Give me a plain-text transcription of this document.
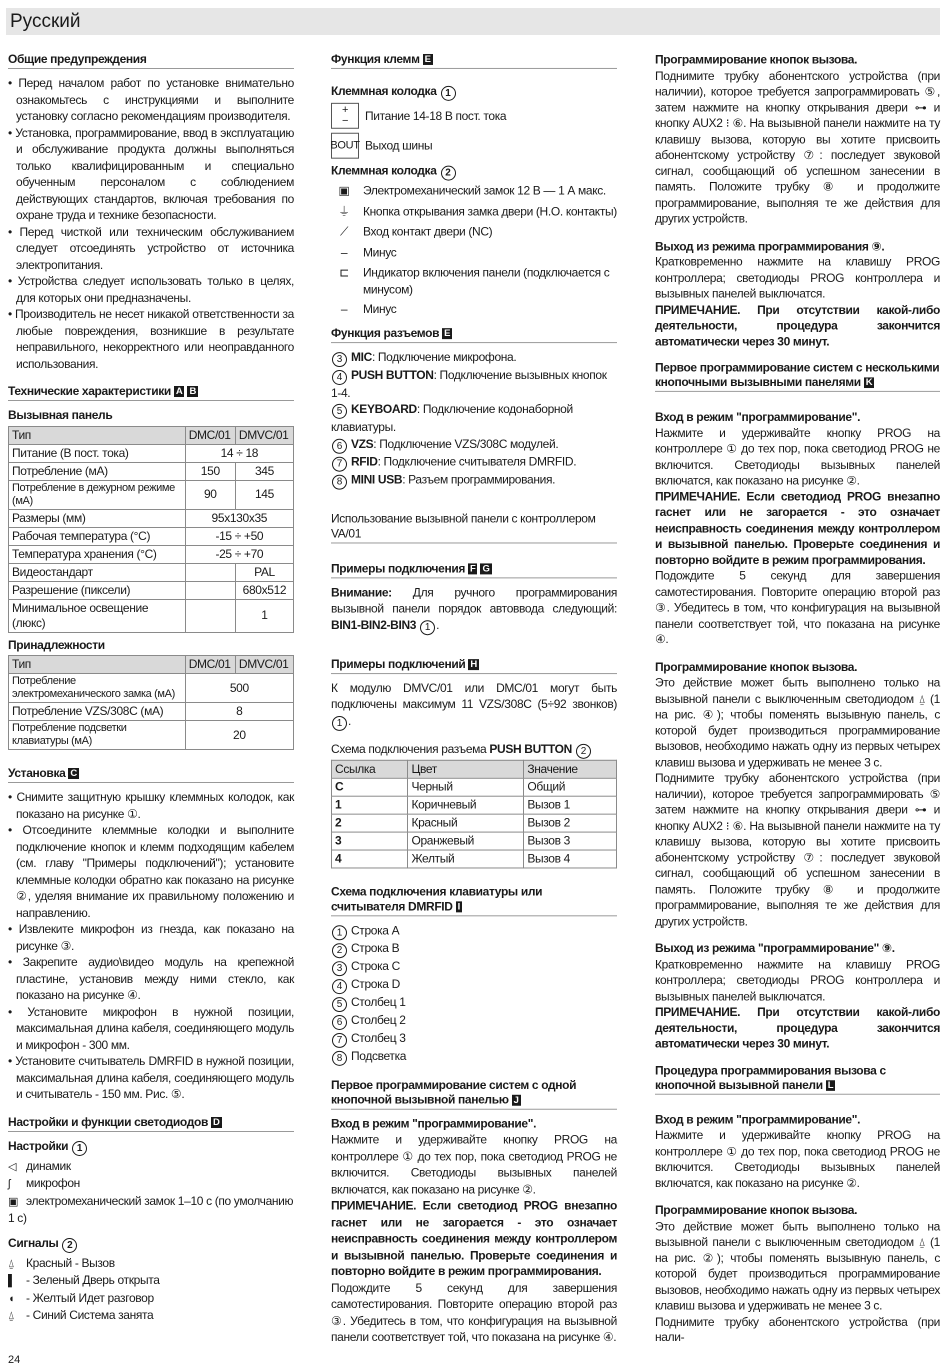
Русский
Общие предупреждения
• Перед началом работ по установке внимательно ознакомьтесь с инструкциями и выполните установку согласно рекомендациям производителя.
• Установка, программирование, ввод в эксплуатацию и обслуживание продукта должны выполняться только квалифицированным и специально обученным персоналом с соблюдением действующих стандартов, включая требования по охране труда и технике безопасности.
• Перед чисткой или техническим обслуживанием следует отсоединять устройство от источника электропитания.
• Устройства следует использовать только в целях, для которых они предназначены.
• Производитель не несет никакой ответственности за любые повреждения, возникшие в результате неправильного, некорректного или неоправданного использования.
Технические характеристики A B
Вызывная панель
Тип	DMC/01	DMVC/01
Питание (В пост. тока)	14 ÷ 18	
Потребление (мА)	150	345
Потребление в дежурном режиме (мА)	90	145
Размеры (мм)	95x130x35	
Рабочая температура (°C)	-15 ÷ +50	
Температура хранения (°C)	-25 ÷ +70	
Видеостандарт		PAL
Разрешение (пиксели)		680x512
Минимальное освещение (люкс)		1
Принадлежности
Тип	DMC/01	DMVC/01
Потребление электромеханического замка (мА)	500	
Потребление VZS/308C (мА)	8	
Потребление подсветки клавиатуры (мА)	20	
Установка C
• Снимите защитную крышку клеммных колодок, как показано на рисунке ①.
• Отсоедините клеммные колодки и выполните подключение кнопок и клемм подходящим кабелем (см. главу "Примеры подключений"); установите клеммные колодки обратно как показано на рисунке ②, уделяя внимание их правильному положению и направлению.
• Извлеките микрофон из гнезда, как показано на рисунке ③.
• Закрепите аудио\видео модуль на крепежной пластине, установив между ними стекло, как показано на рисунке ④.
• Установите микрофон в нужной позиции, максимальная длина кабеля, соединяющего модуль и микрофон - 300 мм.
• Установите считыватель DMRFID в нужной позиции, максимальная длина кабеля, соединяющего модуль и считыватель - 150 мм. Рис. ⑤.
Настройки и функции светодиодов D
Настройки 1
◁ динамик
ʃ микрофон
▣ электромеханический замок 1–10 с (по умолчанию 1 с)
Сигналы 2
⍙ Красный - Вызов
▌ - Зеленый Дверь открыта
◖ - Желтый Идет разговор
⍙ - Синий Система занята
Функция клемм E
Клеммная колодка 1
+
− Питание 14-18 В пост. тока
BOUT Выход шины
Клеммная колодка 2
▣	Электромеханический замок 12 В — 1 А макс.
⏚	Кнопка открывания замка двери (Н.О. контакты)
⟋	Вход контакт двери (NC)
–	Минус
⊏	Индикатор включения панели (подключается с минусом)
–	Минус
Функция разъемов E
3 MIC: Подключение микрофона.
4 PUSH BUTTON: Подключение вызывных кнопок 1-4.
5 KEYBOARD: Подключение кодонаборной клавиатуры.
6 VZS: Подключение VZS/308C модулей.
7 RFID: Подключение считывателя DMRFID.
8 MINI USB: Разъем программирования.
Использование вызывной панели с контроллером VA/01
Примеры подключения F G

Внимание: Для ручного программирования вызывной панели порядок автоввода следующий: BIN1-BIN2-BIN3 1 .

Примеры подключений H

К модулю DMVC/01 или DMC/01 могут быть подключены максимум 11 VZS/308C (5÷92 звонков) 1 .

Схема подключения разъема PUSH BUTTON 2
Ссылка	Цвет	Значение
C	Черный	Общий
1	Коричневый	Вызов 1
2	Красный	Вызов 2
3	Оранжевый	Вызов 3
4	Желтый	Вызов 4
Схема подключения клавиатуры или считывателя DMRFID I
1 Строка A
2 Строка B
3 Строка C
4 Строка D
5 Столбец 1
6 Столбец 2
7 Столбец 3
8 Подсветка
Первое программирование систем с одной кнопочной вызывной панелью J
Вход в режим "программирование".

Нажмите и удерживайте кнопку PROG на контроллере ① до тех пор, пока светодиод PROG не включится. Светодиоды вызывных панелей включатся, как показано на рисунке ②.

ПРИМЕЧАНИЕ. Если светодиод PROG внезапно гаснет или не загорается - это означает неисправность соединения между контроллером и вызывной панелью. Проверьте соединения и повторно войдите в режим программирования.

Подождите 5 секунд для завершения самотестирования. Повторите операцию второй раз ③. Убедитесь в том, что конфигурация на вызывной панели соответствует той, что показана на рисунке ④.

Программирование кнопок вызова.

Поднимите трубку абонентского устройства (при наличии), которое требуется запрограммировать ⑤, затем нажмите на кнопку открывания двери ⊶ и кнопку AUX2 ⁝ ⑥. На вызывной панели нажмите на ту клавишу вызова, которую вы хотите присвоить абонентскому устройству ⑦: последует звуковой сигнал, сообщающий об успешном занесении в память. Положите трубку ⑧ и продолжите программирование, выполняя те же действия для других устройств.

Выход из режима программирования ⑨.

Кратковременно нажмите на клавишу PROG контроллера; светодиоды PROG контроллера и вызывных панелей выключатся.

ПРИМЕЧАНИЕ. При отсутствии какой-либо деятельности, процедура закончится автоматически через 30 минут.

Первое программирование систем с несколькими кнопочными вызывными панелями K
Вход в режим "программирование".

Нажмите и удерживайте кнопку PROG на контроллере ① до тех пор, пока светодиод PROG не включится. Светодиоды вызывных панелей включатся, как показано на рисунке ②.

ПРИМЕЧАНИЕ. Если светодиод PROG внезапно гаснет или не загорается - это означает неисправность соединения между контроллером и вызывной панелью. Проверьте соединения и повторно войдите в режим программирования.

Подождите 5 секунд для завершения самотестирования. Повторите операцию второй раз ③. Убедитесь в том, что конфигурация на вызывной панели соответствует той, что показана на рисунке ④.

Программирование кнопок вызова.

Это действие может быть выполнено только на вызывной панели с выключенным светодиодом ⍙ (1 на рис. ④); чтобы поменять вызывную панель, с которой будет производиться программирование вызовов, необходимо нажать одну из первых четырех клавиш вызова и удерживать не менее 3 с.

Поднимите трубку абонентского устройства (при наличии), которое требуется запрограммировать ⑤ затем нажмите на кнопку открывания двери ⊶ и кнопку AUX2 ⁝ ⑥. На вызывной панели нажмите на ту клавишу вызова, которую вы хотите присвоить абонентскому устройству ⑦: последует звуковой сигнал, сообщающий об успешном занесении в память. Положите трубку ⑧ и продолжите программирование, выполняя те же действия для других устройств.

Выход из режима "программирование" ⑨.

Кратковременно нажмите на клавишу PROG контроллера; светодиоды PROG контроллера и вызывных панелей выключатся.

ПРИМЕЧАНИЕ. При отсутствии какой-либо деятельности, процедура закончится автоматически через 30 минут.

Процедура программирования вызова с кнопочной вызывной панели L
Вход в режим "программирование".

Нажмите и удерживайте кнопку PROG на контроллере ① до тех пор, пока светодиод PROG не включится. Светодиоды вызывных панелей включатся, как показано на рисунке ②.

Программирование кнопок вызова.

Это действие может быть выполнено только на вызывной панели с выключенным светодиодом ⍙ (1 на рис. ②); чтобы поменять вызывную панель, с которой будет производиться программирование вызовов, необходимо нажать одну из первых четырех клавиш вызова и удерживать не менее 3 с.

Поднимите трубку абонентского устройства (при нали-

24
